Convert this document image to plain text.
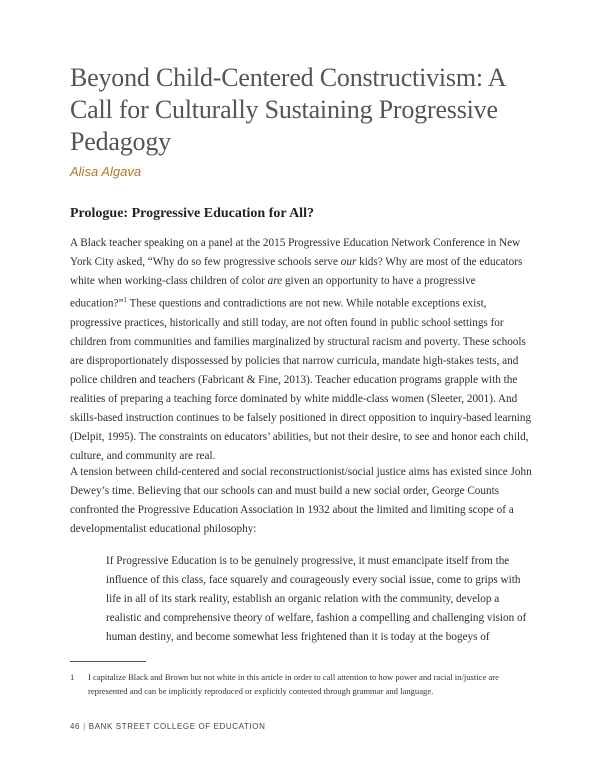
Beyond Child-Centered Constructivism: A Call for Culturally Sustaining Progressive Pedagogy
Alisa Algava
Prologue: Progressive Education for All?

A Black teacher speaking on a panel at the 2015 Progressive Education Network Conference in New York City asked, “Why do so few progressive schools serve our kids? Why are most of the educators white when working-class children of color are given an opportunity to have a progressive education?”$^1$ These questions and contradictions are not new. While notable exceptions exist, progressive practices, historically and still today, are not often found in public school settings for children from communities and families marginalized by structural racism and poverty. These schools are disproportionately dispossessed by policies that narrow curricula, mandate high-stakes tests, and police children and teachers (Fabricant & Fine, 2013). Teacher education programs grapple with the realities of preparing a teaching force dominated by white middle-class women (Sleeter, 2001). And skills-based instruction continues to be falsely positioned in direct opposition to inquiry-based learning (Delpit, 1995). The constraints on educators’ abilities, but not their desire, to see and honor each child, culture, and community are real.

A tension between child-centered and social reconstructionist/social justice aims has existed since John Dewey’s time. Believing that our schools can and must build a new social order, George Counts confronted the Progressive Education Association in 1932 about the limited and limiting scope of a developmentalist educational philosophy:

If Progressive Education is to be genuinely progressive, it must emancipate itself from the influence of this class, face squarely and courageously every social issue, come to grips with life in all of its stark reality, establish an organic relation with the community, develop a realistic and comprehensive theory of welfare, fashion a compelling and challenging vision of human destiny, and become somewhat less frightened than it is today at the bogeys of

1 I capitalize Black and Brown but not white in this article in order to call attention to how power and racial in/justice are represented and can be implicitly reproduced or explicitly contested through grammar and language.
46 | BANK STREET COLLEGE OF EDUCATION
